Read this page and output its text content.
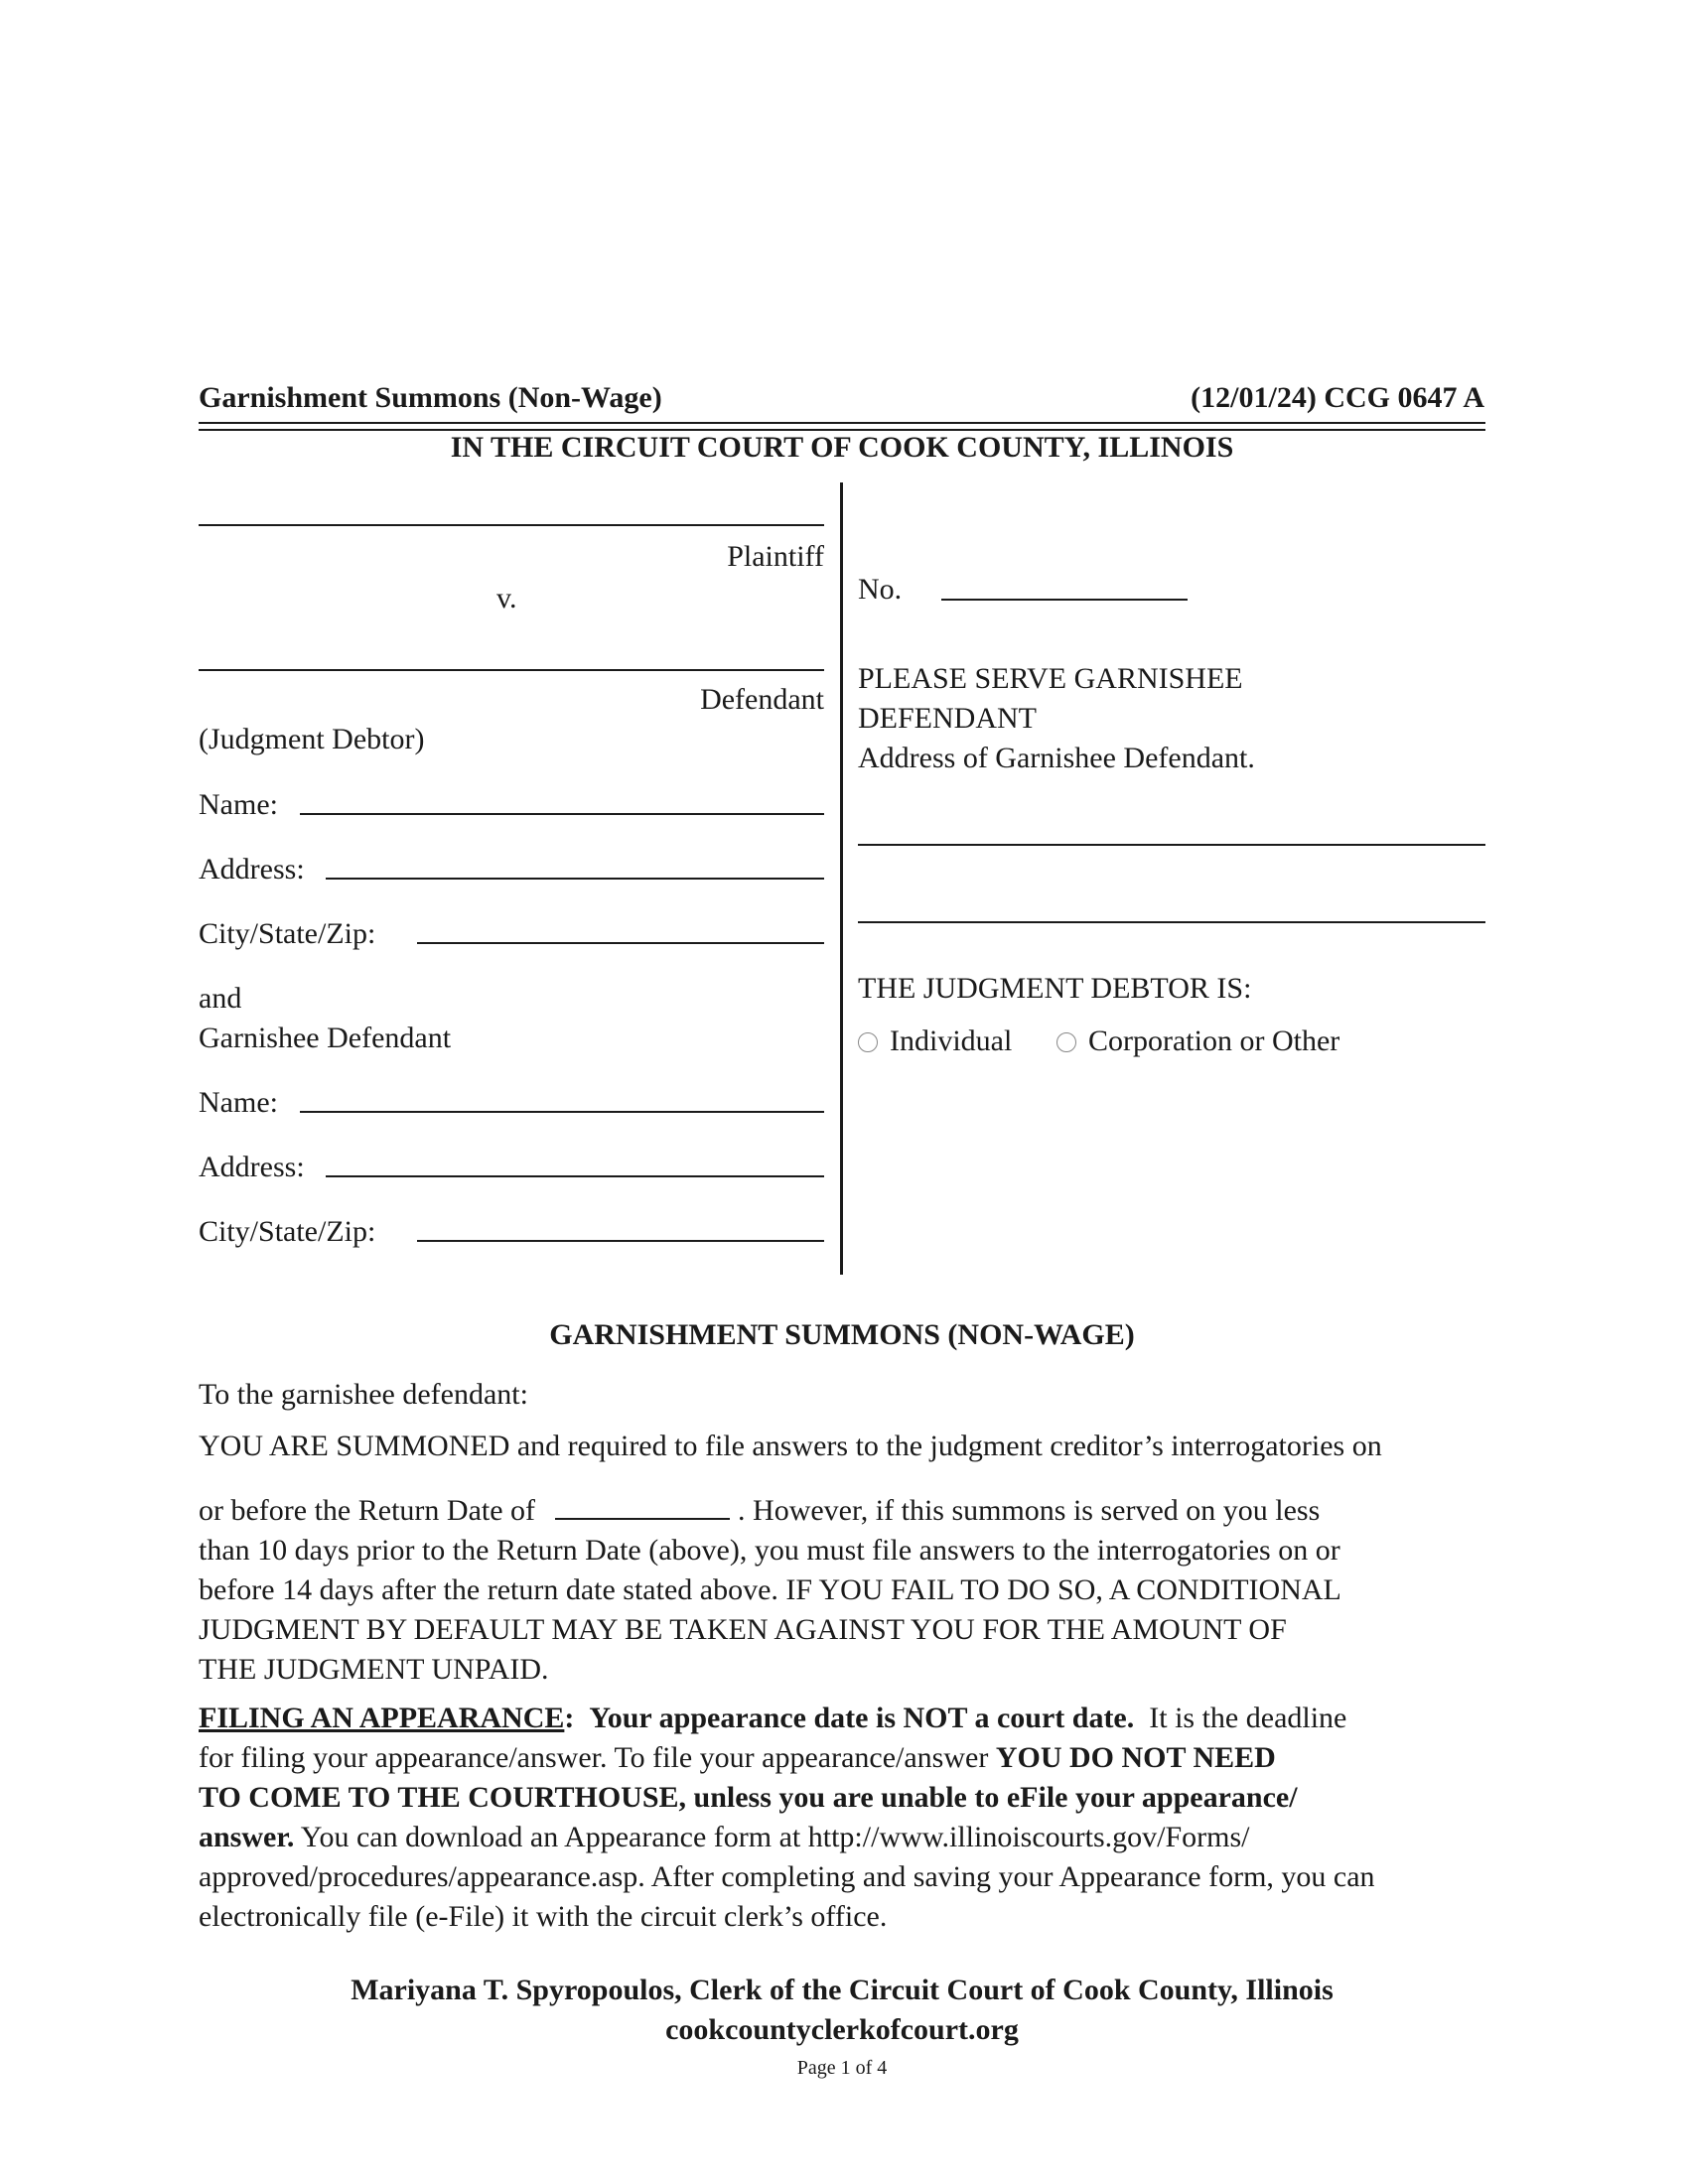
Garnishment Summons (Non-Wage)	(12/01/24) CCG 0647 A
IN THE CIRCUIT COURT OF COOK COUNTY, ILLINOIS
Plaintiff
v.
Defendant
(Judgment Debtor)
Name:
Address:
City/State/Zip:
and
Garnishee Defendant
Name:
Address:
City/State/Zip:
No.
PLEASE SERVE GARNISHEE
DEFENDANT
Address of Garnishee Defendant.
THE JUDGMENT DEBTOR IS:
Individual	Corporation or Other
GARNISHMENT SUMMONS (NON-WAGE)
To the garnishee defendant:
YOU ARE SUMMONED and required to file answers to the judgment creditor’s interrogatories on
or before the Return Date of	. However, if this summons is served on you less
than 10 days prior to the Return Date (above), you must file answers to the interrogatories on or
before 14 days after the return date stated above. IF YOU FAIL TO DO SO, A CONDITIONAL
JUDGMENT BY DEFAULT MAY BE TAKEN AGAINST YOU FOR THE AMOUNT OF
THE JUDGMENT UNPAID.
FILING AN APPEARANCE: Your appearance date is NOT a court date. It is the deadline
for filing your appearance/answer. To file your appearance/answer YOU DO NOT NEED
TO COME TO THE COURTHOUSE, unless you are unable to eFile your appearance/
answer. You can download an Appearance form at http://www.illinoiscourts.gov/Forms/
approved/procedures/appearance.asp. After completing and saving your Appearance form, you can
electronically file (e-File) it with the circuit clerk’s office.
Mariyana T. Spyropoulos, Clerk of the Circuit Court of Cook County, Illinois
cookcountyclerkofcourt.org
Page 1 of 4
